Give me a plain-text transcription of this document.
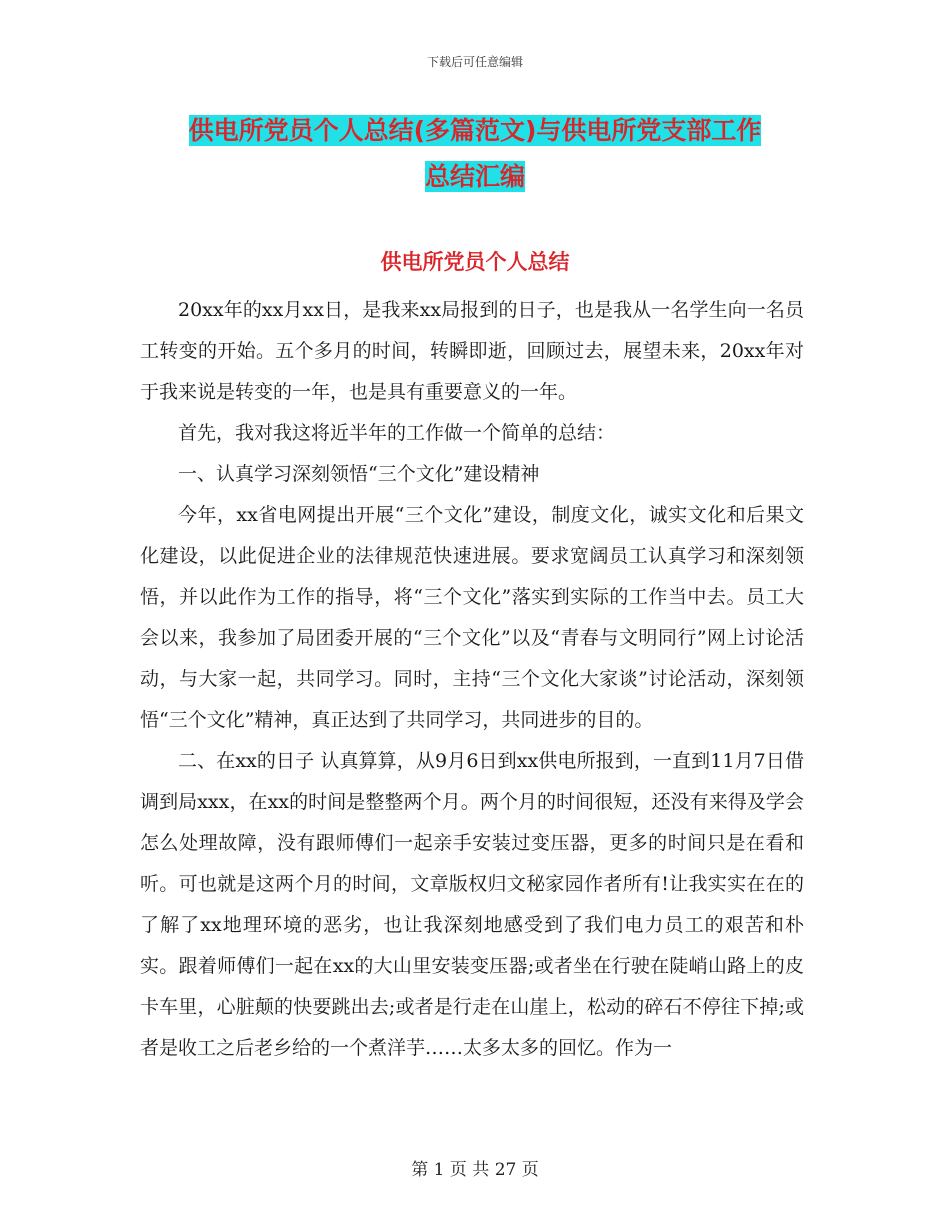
下载后可任意编辑
供电所党员个人总结(多篇范文)与供电所党支部工作
总结汇编
供电所党员个人总结

20xx年的xx月xx日，是我来xx局报到的日子，也是我从一名学生向一名员工转变的开始。五个多月的时间，转瞬即逝，回顾过去，展望未来，20xx年对于我来说是转变的一年，也是具有重要意义的一年。

首先，我对我这将近半年的工作做一个简单的总结：

一、认真学习深刻领悟“三个文化”建设精神

今年，xx省电网提出开展“三个文化”建设，制度文化，诚实文化和后果文化建设，以此促进企业的法律规范快速进展。要求宽阔员工认真学习和深刻领悟，并以此作为工作的指导，将“三个文化”落实到实际的工作当中去。员工大会以来，我参加了局团委开展的“三个文化”以及“青春与文明同行”网上讨论活动，与大家一起，共同学习。同时，主持“三个文化大家谈”讨论活动，深刻领悟“三个文化”精神，真正达到了共同学习，共同进步的目的。

二、在xx的日子 认真算算，从9月6日到xx供电所报到，一直到11月7日借调到局xxx，在xx的时间是整整两个月。两个月的时间很短，还没有来得及学会怎么处理故障，没有跟师傅们一起亲手安装过变压器，更多的时间只是在看和听。可也就是这两个月的时间，文章版权归文秘家园作者所有!让我实实在在的了解了xx地理环境的恶劣，也让我深刻地感受到了我们电力员工的艰苦和朴实。跟着师傅们一起在xx的大山里安装变压器;或者坐在行驶在陡峭山路上的皮卡车里，心脏颠的快要跳出去;或者是行走在山崖上，松动的碎石不停往下掉;或者是收工之后老乡给的一个煮洋芋……太多太多的回忆。作为一

第 1 页 共 27 页
